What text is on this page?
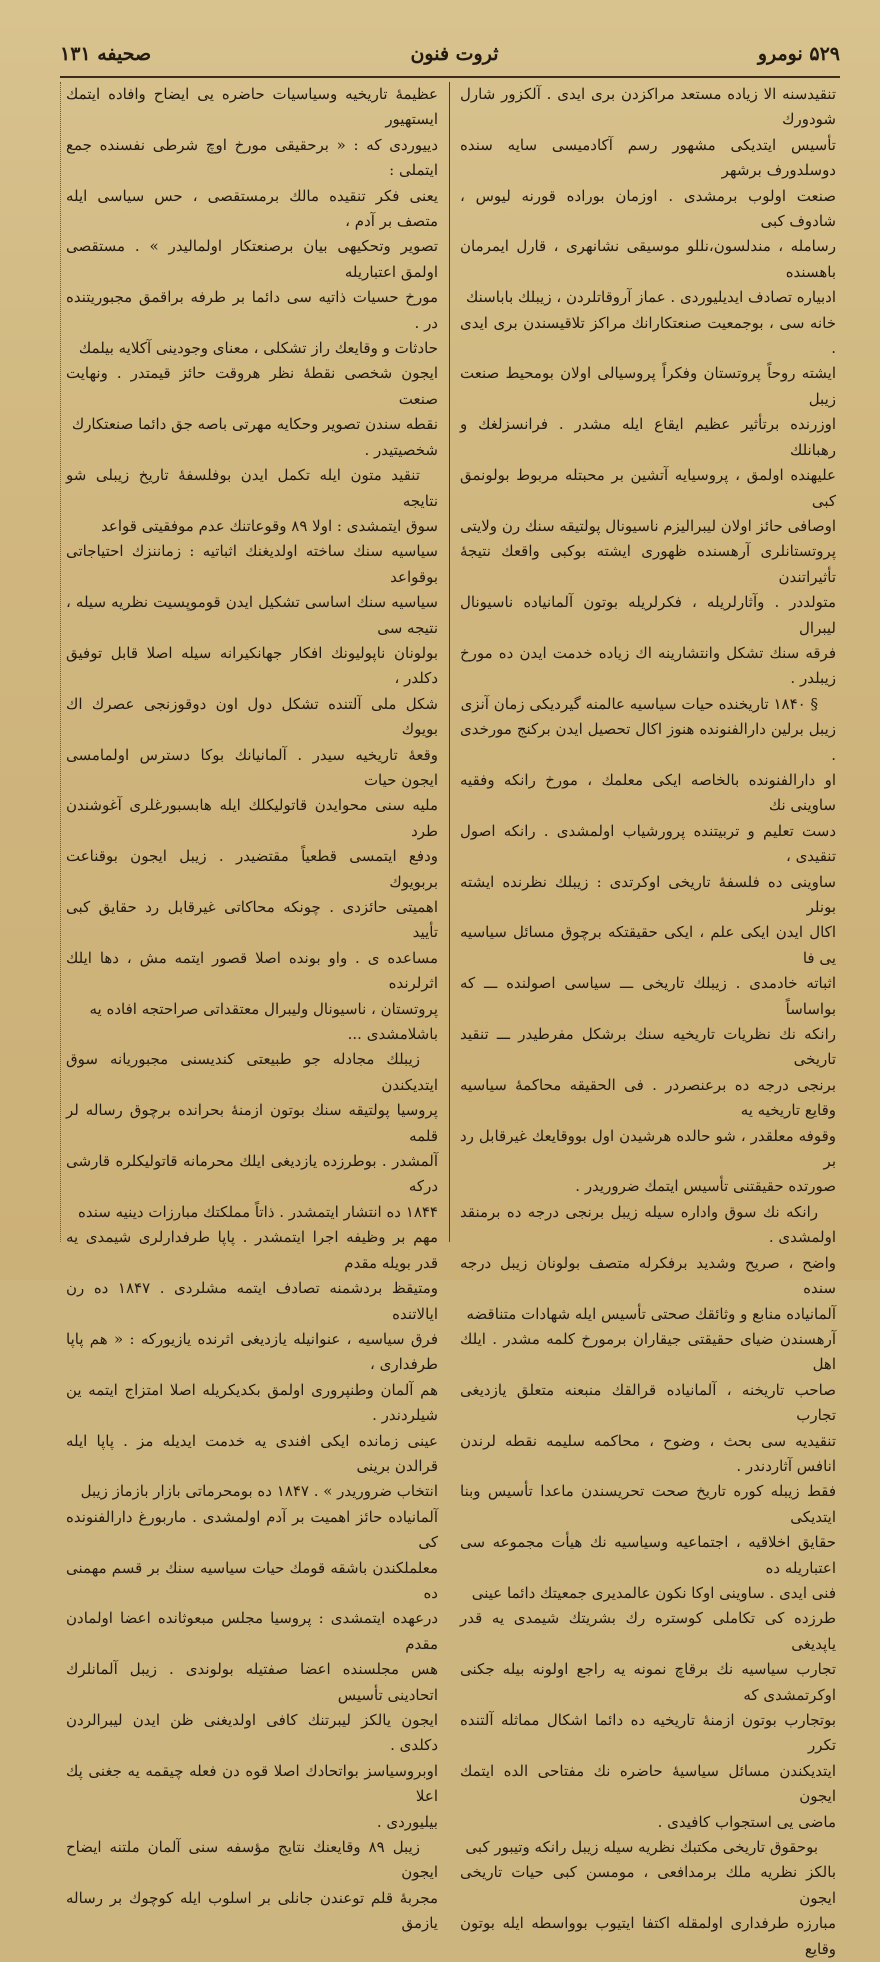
۵۲۹ نومرو
ثروت فنون
صحیفه ۱۳۱

تنقیدسنه الا زیاده مستعد مراکزدن بری ایدی . آلکزور شارل شودورك

تأسیس ایتدیکی مشهور رسم آکادمیسی سایه سنده دوسلدورف برشهر

صنعت اولوب برمشدی . اوزمان بوراده قورنه لیوس ، شادوف کبی

رسامله ، مندلسون،نللو موسیقی نشانهری ، قارل ایمرمان باهسنده

ادبیاره تصادف ایدیلیوردی . عماز آروقاتلردن ، زیبلك باباسنك

خانه سی ، بوجمعیت صنعتکارانك مراکز تلاقیسندن بری ایدی .

ایشته روحاً پروتستان وفکراً پروسیالی اولان بومحیط صنعت زیبل

اوزرنده برتأثیر عظیم ایقاع ایله مشدر . فرانسزلغك و رهبانلك

علیهنده اولمق ، پروسیایه آتشین بر محبتله مربوط بولونمق کبی

اوصافی حائز اولان لیبرالیزم ناسیونال پولتیقه سنك رن ولایتی

پروتستانلری آرهسنده ظهوری ایشته بوکبی واقعك نتیجهٔ تأثیراتندن

متولددر . وآثارلریله ، فکرلریله بوتون آلمانیاده ناسیونال لیبرال

فرقه سنك تشکل وانتشارینه اك زیاده خدمت ایدن ده مورخ زیبلدر .

§ ۱۸۴۰ تاریخنده حیات سیاسیه عالمنه گیردیکی زمان آنزی

زیبل برلین دارالفنونده هنوز اکال تحصیل ایدن برکنج مورخدی .

او دارالفنونده بالخاصه ایکی معلمك ، مورخ رانکه وفقیه ساوینی نك

دست تعلیم و تربیتنده پرورشیاب اولمشدی . رانکه اصول تنقیدی ،

ساوینی ده فلسفهٔ تاریخی اوکرتدی : زیبلك نظرنده ایشته بونلر

اکال ایدن ایکی علم ، ایکی حقیقتکه برچوق مسائل سیاسیه یی فا

اثباته خادمدی . زیبلك تاریخی ـــ سیاسی اصولنده ـــ که بواساساً

رانکه نك نظریات تاریخیه سنك برشکل مفرطیدر ـــ تنقید تاریخی

برنجی درجه ده برعنصردر . فی الحقیقه محاکمهٔ سیاسیه وقایع تاریخیه یه

وقوفه معلقدر ، شو حالده هرشیدن اول بووقایعك غیرقابل رد بر

صورتده حقیقتنی تأسیس ایتمك ضروریدر .

رانکه نك سوق واداره سیله زیبل برنجی درجه ده برمنقد اولمشدی .

واضح ، صریح وشدید برفکرله متصف بولونان زیبل درجه سنده

آلمانیاده منابع و وثائقك صحتی تأسیس ایله شهادات متناقضه

آرهسندن ضیای حقیقتی جیقاران برمورخ کلمه مشدر . ایلك اهل

صاحب تاریخنه ، آلمانیاده قرالقك منبعنه متعلق یازدیغی تجارب

تنقیدیه سی بحث ، وضوح ، محاکمه سلیمه نقطه لرندن انافس آثاردندر .

فقط زیبله کوره تاریخ صحت تحریسندن ماعدا تأسیس وبنا ایتدیکی

حقایق اخلاقیه ، اجتماعیه وسیاسیه نك هیأت مجموعه سی اعتباریله ده

فنی ایدی . ساوینی اوکا نکون عالمدیری جمعیتك دائما عینی

طرزده کی تکاملی کوستره رك بشریتك شیمدی یه قدر یاپدیغی

تجارب سیاسیه نك برقاچ نمونه یه راجع اولونه بیله جکنی اوکرتمشدی که

بوتجارب بوتون ازمنهٔ تاریخیه ده دائما اشکال مماثله آلتنده تکرر

ایتدیکندن مسائل سیاسیهٔ حاضره نك مفتاحی الده ایتمك ایجون

ماضی یی استجواب کافیدی .

بوحقوق تاریخی مکتبك نظریه سیله زیبل رانکه وتیبور کبی

بالکز نظریه ملك برمدافعی ، مومسن کبی حیات تاریخی ایجون

مبارزه طرفداری اولمقله اکتفا ایتیوب بوواسطه ایله بوتون وقایع

عظیمهٔ تاریخیه وسیاسیات حاضره یی ایضاح وافاده ایتمك ایستهیور

دییوردی که : « برحقیقی مورخ اوچ شرطی نفسنده جمع ایتملی :

یعنی فکر تنقیده مالك برمستقصی ، حس سیاسی ایله متصف بر آدم ،

تصویر وتحکیهی بیان برصنعتکار اولمالیدر » . مستقصی اولمق اعتباریله

مورخ حسیات ذاتیه سی دائما بر طرفه براقمق مجبوریتنده در .

حادثات و وقایعك راز تشکلی ، معنای وجودینی آکلایه بیلمك

ایجون شخصی نقطهٔ نظر هروقت حائز قیمتدر . ونهایت صنعت

نقطه سندن تصویر وحکایه مهرتی باصه جق دائما صنعتکارك

شخصیتیدر .

تنقید متون ایله تکمل ایدن بوفلسفهٔ تاریخ زیبلی شو نتایجه

سوق ایتمشدی : اولا ۸۹ وقوعاتنك عدم موفقیتی قواعد

سیاسیه سنك ساخته اولدیغنك اثباتیه : زماننزك احتیاجاتی بوقواعد

سیاسیه سنك اساسی تشکیل ایدن قوموپسیت نظریه سیله ، نتیجه سی

بولونان ناپولیونك افکار جهانکیرانه سیله اصلا قابل توفیق دکلدر ،

شکل ملی آلتنده تشکل دول اون دوقوزنجی عصرك اك بویوك

وقعهٔ تاریخیه سیدر . آلمانیانك بوکا دسترس اولمامسی ایجون حیات

ملیه سنی محوایدن قاتولیکلك ایله هابسبورغلری آغوشندن طرد

ودفع ایتمسی قطعیاً مقتضیدر . زیبل ایجون بوقناعت بربویوك

اهمیتی حائزدی . چونکه محاکاتی غیرقابل رد حقایق کبی تأیید

مساعده ی . واو بونده اصلا قصور ایتمه مش ، دها ایلك اثرلرنده

پروتستان ، ناسیونال ولیبرال معتقداتی صراحتجه افاده یه

باشلامشدی ...

زیبلك مجادله جو طبیعتی کندیسنی مجبوریانه سوق ایتدیکندن

پروسیا پولتیقه سنك بوتون ازمنهٔ بحرانده برچوق رساله لر قلمه

آلمشدر . بوطرزده یازدیغی ایلك محرمانه قاتولیکلره قارشی درکه

۱۸۴۴ ده انتشار ایتمشدر . ذاتاً مملکتك مبارزات دینیه سنده

مهم بر وظیفه اجرا ایتمشدر . پاپا طرفدارلری شیمدی یه قدر بویله مقدم

ومتیقظ بردشمنه تصادف ایتمه مشلردی . ۱۸۴۷ ده رن ایالاتنده

فرق سیاسیه ، عنوانیله یازدیغی اثرنده یازیورکه : « هم پاپا طرفداری ،

هم آلمان وطنپروری اولمق بکدیکریله اصلا امتزاج ایتمه ین شیلردندر .

عینی زمانده ایکی افندی یه خدمت ایدیله مز . پاپا ایله قرالدن برینی

انتخاب ضروریدر » . ۱۸۴۷ ده بومحرماتی بازار بازماز زیبل

آلمانیاده حائز اهمیت بر آدم اولمشدی . ماربورغ دارالفنونده کی

معلملکندن باشقه قومك حیات سیاسیه سنك بر قسم مهمنی ده

درعهده ایتمشدی : پروسیا مجلس مبعوثانده اعضا اولمادن مقدم

هس مجلسنده اعضا صفتیله بولوندی . زیبل آلمانلرك اتحادینی تأسیس

ایجون یالکز لیبرتنك کافی اولدیغنی ظن ایدن لیبرالردن دکلدی .

اوبروسیاسز بواتحادك اصلا قوه دن فعله چیقمه یه جغنی پك اعلا

بیلیوردی .

زیبل ۸۹ وقایعنك نتایج مؤسفه سنی آلمان ملتنه ایضاح ایجون

مجربهٔ قلم توعندن جانلی بر اسلوب ایله کوچوك بر رساله یازمق
